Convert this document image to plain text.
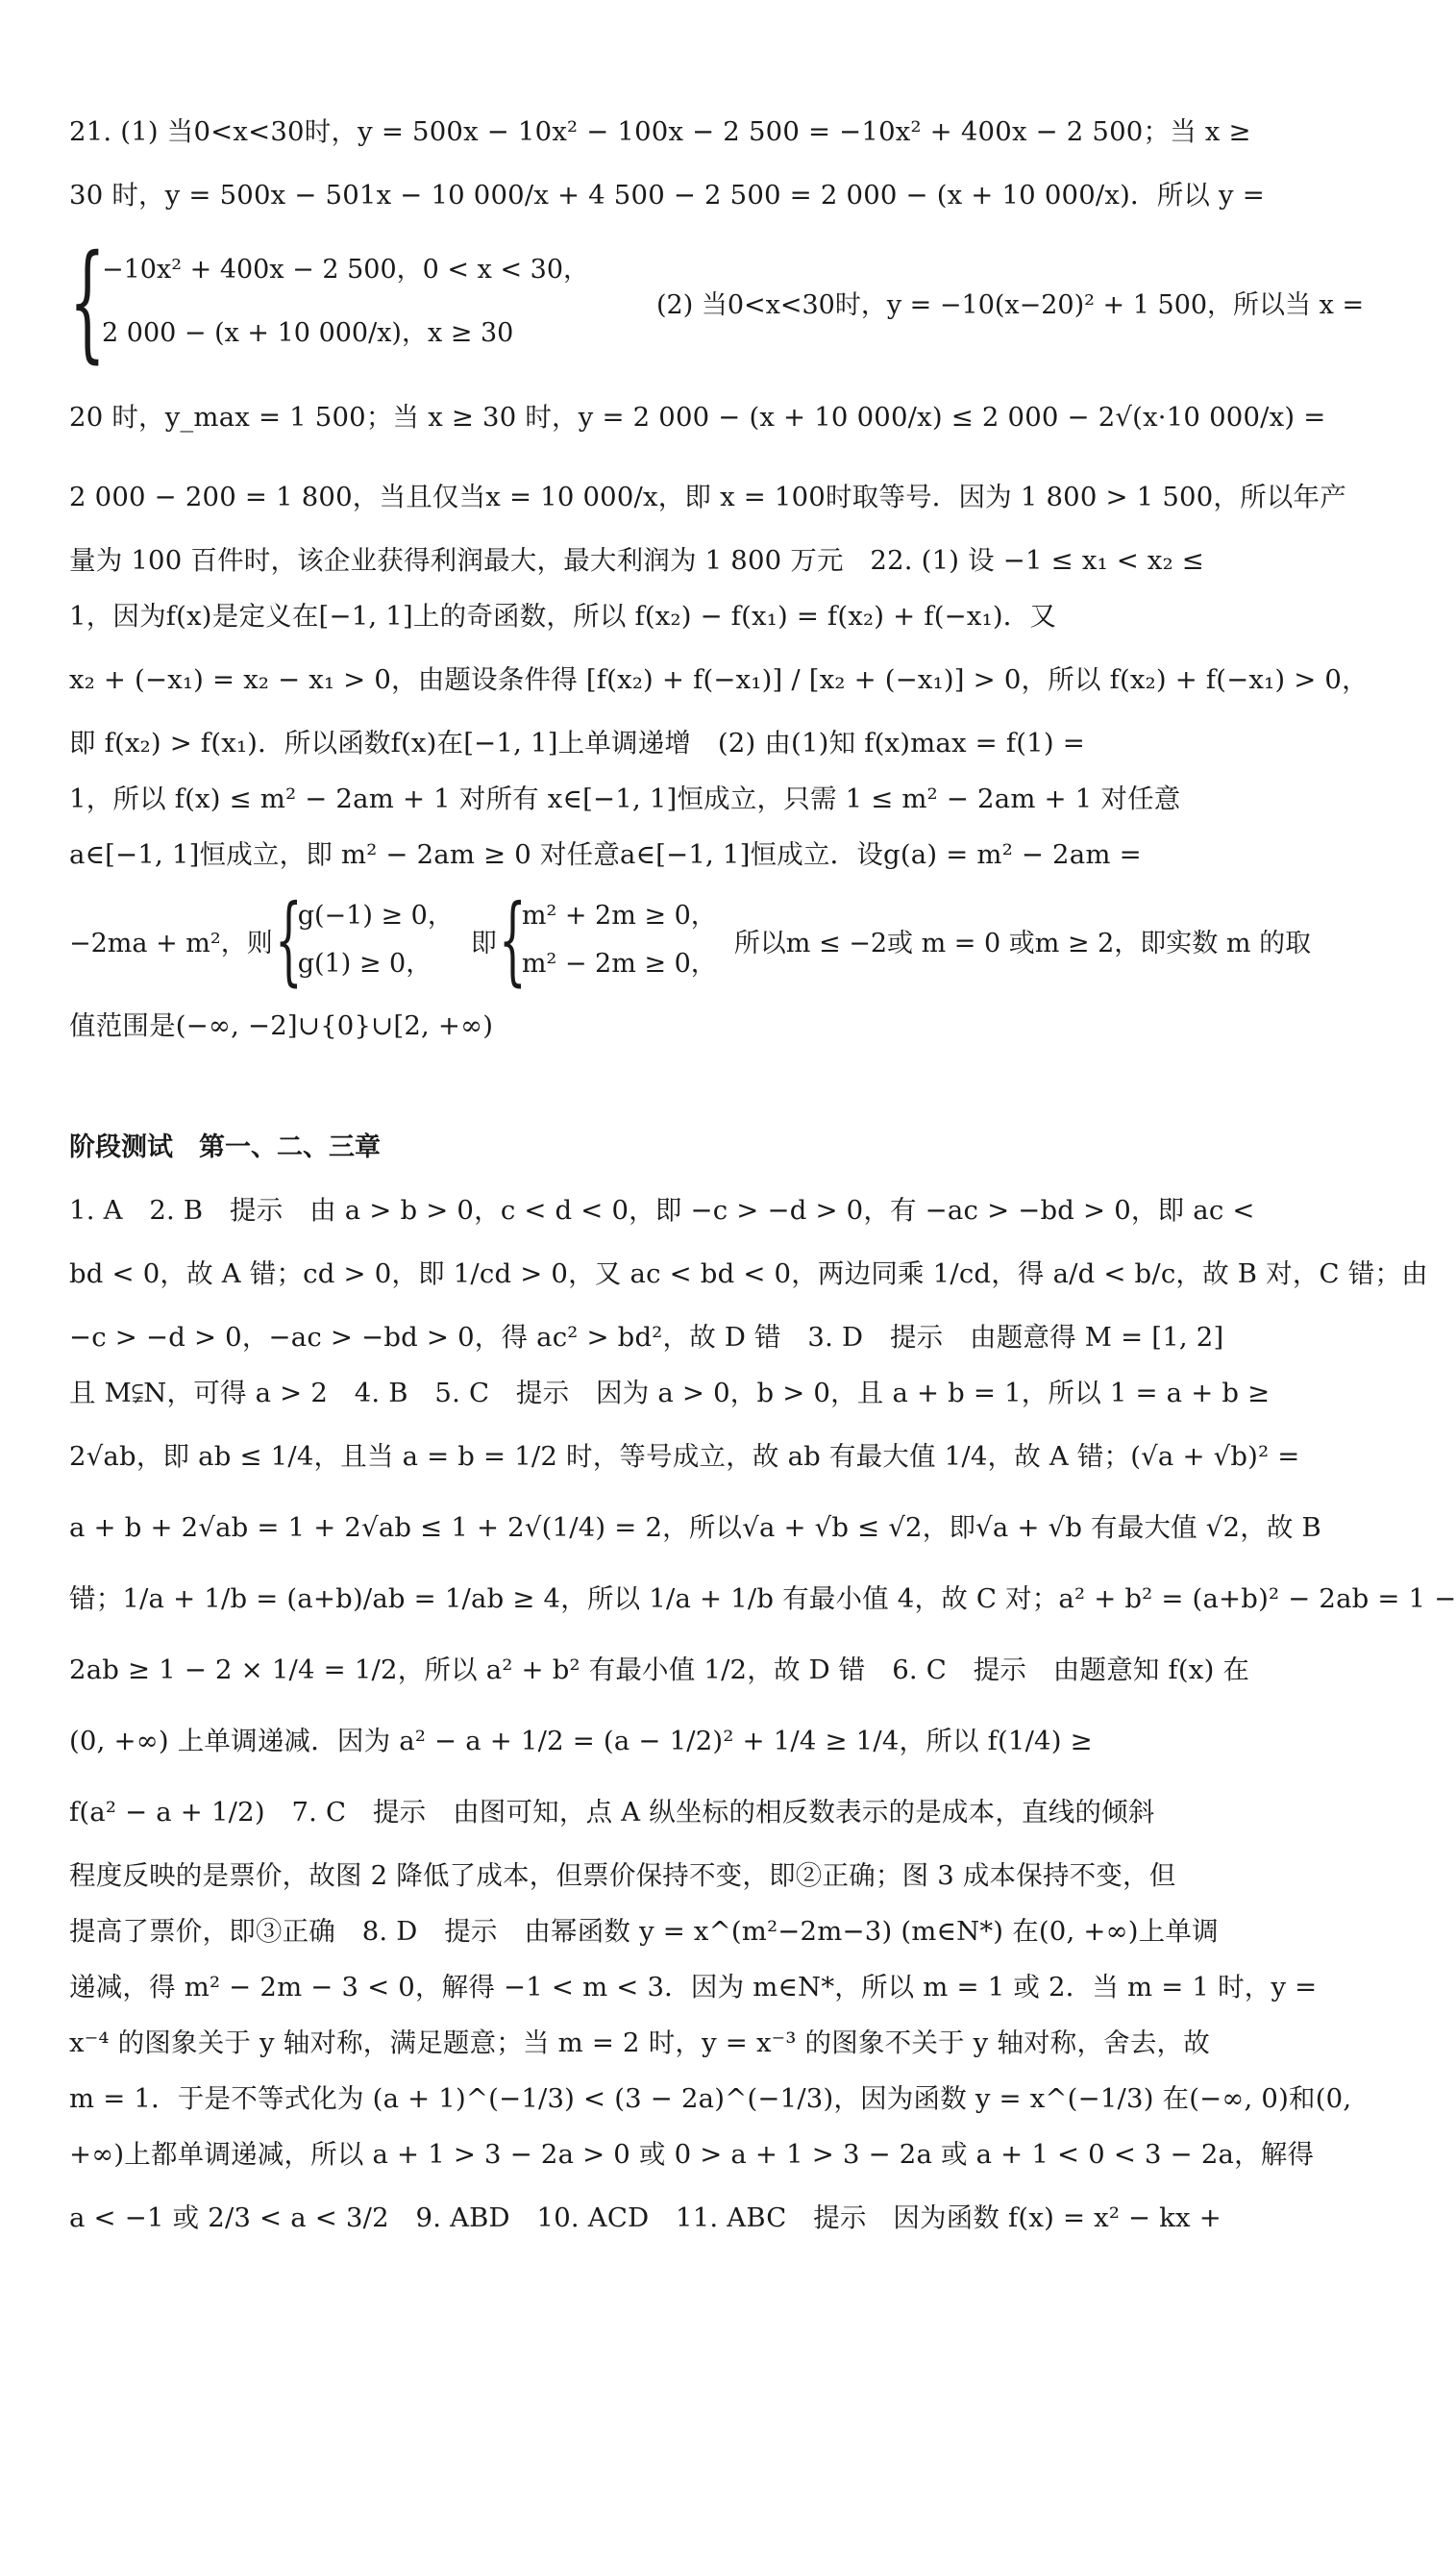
21. (1) 当0<x<30时，y = 500x − 10x² − 100x − 2 500 = −10x² + 400x − 2 500；当 x ≥
30 时，y = 500x − 501x − 10 000/x + 4 500 − 2 500 = 2 000 − (x + 10 000/x)．所以 y =
{
−10x² + 400x − 2 500，0 < x < 30，
2 000 − (x + 10 000/x)，x ≥ 30
(2) 当0<x<30时，y = −10(x−20)² + 1 500，所以当 x =
20 时，y_max = 1 500；当 x ≥ 30 时，y = 2 000 − (x + 10 000/x) ≤ 2 000 − 2√(x·10 000/x) =
2 000 − 200 = 1 800，当且仅当x = 10 000/x，即 x = 100时取等号．因为 1 800 > 1 500，所以年产
量为 100 百件时，该企业获得利润最大，最大利润为 1 800 万元　22. (1) 设 −1 ≤ x₁ < x₂ ≤
1，因为f(x)是定义在[−1, 1]上的奇函数，所以 f(x₂) − f(x₁) = f(x₂) + f(−x₁)．又
x₂ + (−x₁) = x₂ − x₁ > 0，由题设条件得 [f(x₂) + f(−x₁)] / [x₂ + (−x₁)] > 0，所以 f(x₂) + f(−x₁) > 0，
即 f(x₂) > f(x₁)．所以函数f(x)在[−1, 1]上单调递增　(2) 由(1)知 f(x)max = f(1) =
1，所以 f(x) ≤ m² − 2am + 1 对所有 x∈[−1, 1]恒成立，只需 1 ≤ m² − 2am + 1 对任意
a∈[−1, 1]恒成立，即 m² − 2am ≥ 0 对任意a∈[−1, 1]恒成立．设g(a) = m² − 2am =
−2ma + m²，则 {
g(−1) ≥ 0，
g(1) ≥ 0，
即 {
m² + 2m ≥ 0，
m² − 2m ≥ 0，
所以m ≤ −2或 m = 0 或m ≥ 2，即实数 m 的取
值范围是(−∞, −2]∪{0}∪[2, +∞)
阶段测试　第一、二、三章
1. A　2. B　提示　由 a > b > 0，c < d < 0，即 −c > −d > 0，有 −ac > −bd > 0，即 ac <
bd < 0，故 A 错；cd > 0，即 1/cd > 0，又 ac < bd < 0，两边同乘 1/cd，得 a/d < b/c，故 B 对，C 错；由
−c > −d > 0，−ac > −bd > 0，得 ac² > bd²，故 D 错　3. D　提示　由题意得 M = [1, 2]
且 M⫋N，可得 a > 2　4. B　5. C　提示　因为 a > 0，b > 0，且 a + b = 1，所以 1 = a + b ≥
2√ab，即 ab ≤ 1/4，且当 a = b = 1/2 时，等号成立，故 ab 有最大值 1/4，故 A 错；(√a + √b)² =
a + b + 2√ab = 1 + 2√ab ≤ 1 + 2√(1/4) = 2，所以√a + √b ≤ √2，即√a + √b 有最大值 √2，故 B
错；1/a + 1/b = (a+b)/ab = 1/ab ≥ 4，所以 1/a + 1/b 有最小值 4，故 C 对；a² + b² = (a+b)² − 2ab = 1 −
2ab ≥ 1 − 2 × 1/4 = 1/2，所以 a² + b² 有最小值 1/2，故 D 错　6. C　提示　由题意知 f(x) 在
(0, +∞) 上单调递减．因为 a² − a + 1/2 = (a − 1/2)² + 1/4 ≥ 1/4，所以 f(1/4) ≥
f(a² − a + 1/2)　7. C　提示　由图可知，点 A 纵坐标的相反数表示的是成本，直线的倾斜
程度反映的是票价，故图 2 降低了成本，但票价保持不变，即②正确；图 3 成本保持不变，但
提高了票价，即③正确　8. D　提示　由幂函数 y = x^(m²−2m−3) (m∈N*) 在(0, +∞)上单调
递减，得 m² − 2m − 3 < 0，解得 −1 < m < 3．因为 m∈N*，所以 m = 1 或 2．当 m = 1 时，y =
x⁻⁴ 的图象关于 y 轴对称，满足题意；当 m = 2 时，y = x⁻³ 的图象不关于 y 轴对称，舍去，故
m = 1．于是不等式化为 (a + 1)^(−1/3) < (3 − 2a)^(−1/3)，因为函数 y = x^(−1/3) 在(−∞, 0)和(0,
+∞)上都单调递减，所以 a + 1 > 3 − 2a > 0 或 0 > a + 1 > 3 − 2a 或 a + 1 < 0 < 3 − 2a，解得
a < −1 或 2/3 < a < 3/2　9. ABD　10. ACD　11. ABC　提示　因为函数 f(x) = x² − kx +
